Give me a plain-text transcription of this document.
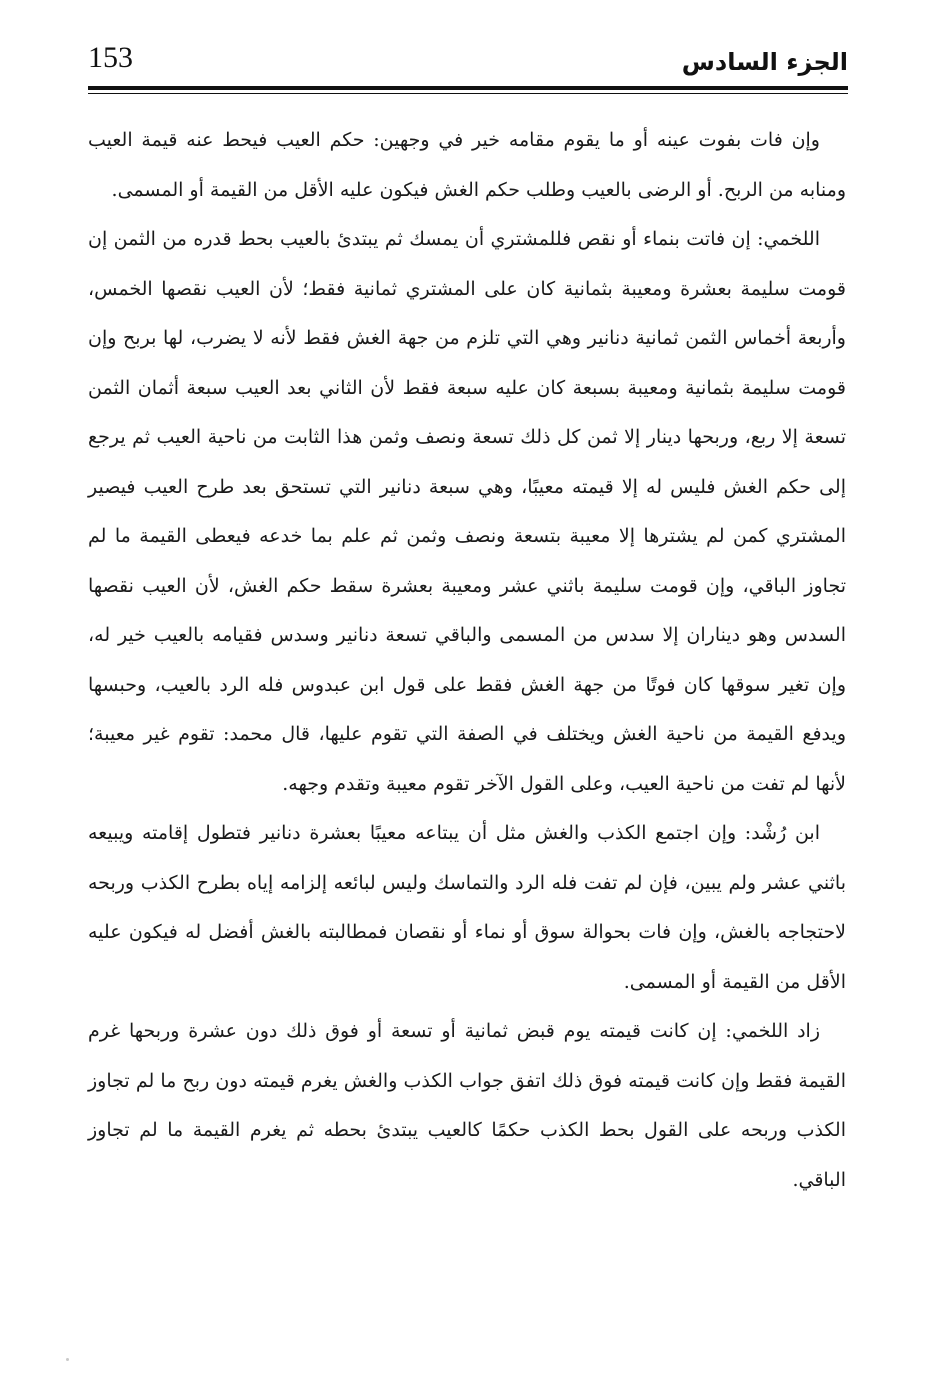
153	الجزء السادس

وإن فات بفوت عينه أو ما يقوم مقامه خير في وجهين: حكم العيب فيحط عنه قيمة العيب ومنابه من الربح. أو الرضى بالعيب وطلب حكم الغش فيكون عليه الأقل من القيمة أو المسمى.

اللخمي: إن فاتت بنماء أو نقص فللمشتري أن يمسك ثم يبتدئ بالعيب بحط قدره من الثمن إن قومت سليمة بعشرة ومعيبة بثمانية كان على المشتري ثمانية فقط؛ لأن العيب نقصها الخمس، وأربعة أخماس الثمن ثمانية دنانير وهي التي تلزم من جهة الغش فقط لأنه لا يضرب، لها بربح وإن قومت سليمة بثمانية ومعيبة بسبعة كان عليه سبعة فقط لأن الثاني بعد العيب سبعة أثمان الثمن تسعة إلا ربع، وربحها دينار إلا ثمن كل ذلك تسعة ونصف وثمن هذا الثابت من ناحية العيب ثم يرجع إلى حكم الغش فليس له إلا قيمته معيبًا، وهي سبعة دنانير التي تستحق بعد طرح العيب فيصير المشتري كمن لم يشترها إلا معيبة بتسعة ونصف وثمن ثم علم بما خدعه فيعطى القيمة ما لم تجاوز الباقي، وإن قومت سليمة باثني عشر ومعيبة بعشرة سقط حكم الغش، لأن العيب نقصها السدس وهو ديناران إلا سدس من المسمى والباقي تسعة دنانير وسدس فقيامه بالعيب خير له، وإن تغير سوقها كان فوتًا من جهة الغش فقط على قول ابن عبدوس فله الرد بالعيب، وحبسها ويدفع القيمة من ناحية الغش ويختلف في الصفة التي تقوم عليها، قال محمد: تقوم غير معيبة؛ لأنها لم تفت من ناحية العيب، وعلى القول الآخر تقوم معيبة وتقدم وجهه.

ابن رُشْد: وإن اجتمع الكذب والغش مثل أن يبتاعه معيبًا بعشرة دنانير فتطول إقامته ويبيعه باثني عشر ولم يبين، فإن لم تفت فله الرد والتماسك وليس لبائعه إلزامه إياه بطرح الكذب وربحه لاحتجاجه بالغش، وإن فات بحوالة سوق أو نماء أو نقصان فمطالبته بالغش أفضل له فيكون عليه الأقل من القيمة أو المسمى.

زاد اللخمي: إن كانت قيمته يوم قبض ثمانية أو تسعة أو فوق ذلك دون عشرة وربحها غرم القيمة فقط وإن كانت قيمته فوق ذلك اتفق جواب الكذب والغش يغرم قيمته دون ربح ما لم تجاوز الكذب وربحه على القول بحط الكذب حكمًا كالعيب يبتدئ بحطه ثم يغرم القيمة ما لم تجاوز الباقي.
